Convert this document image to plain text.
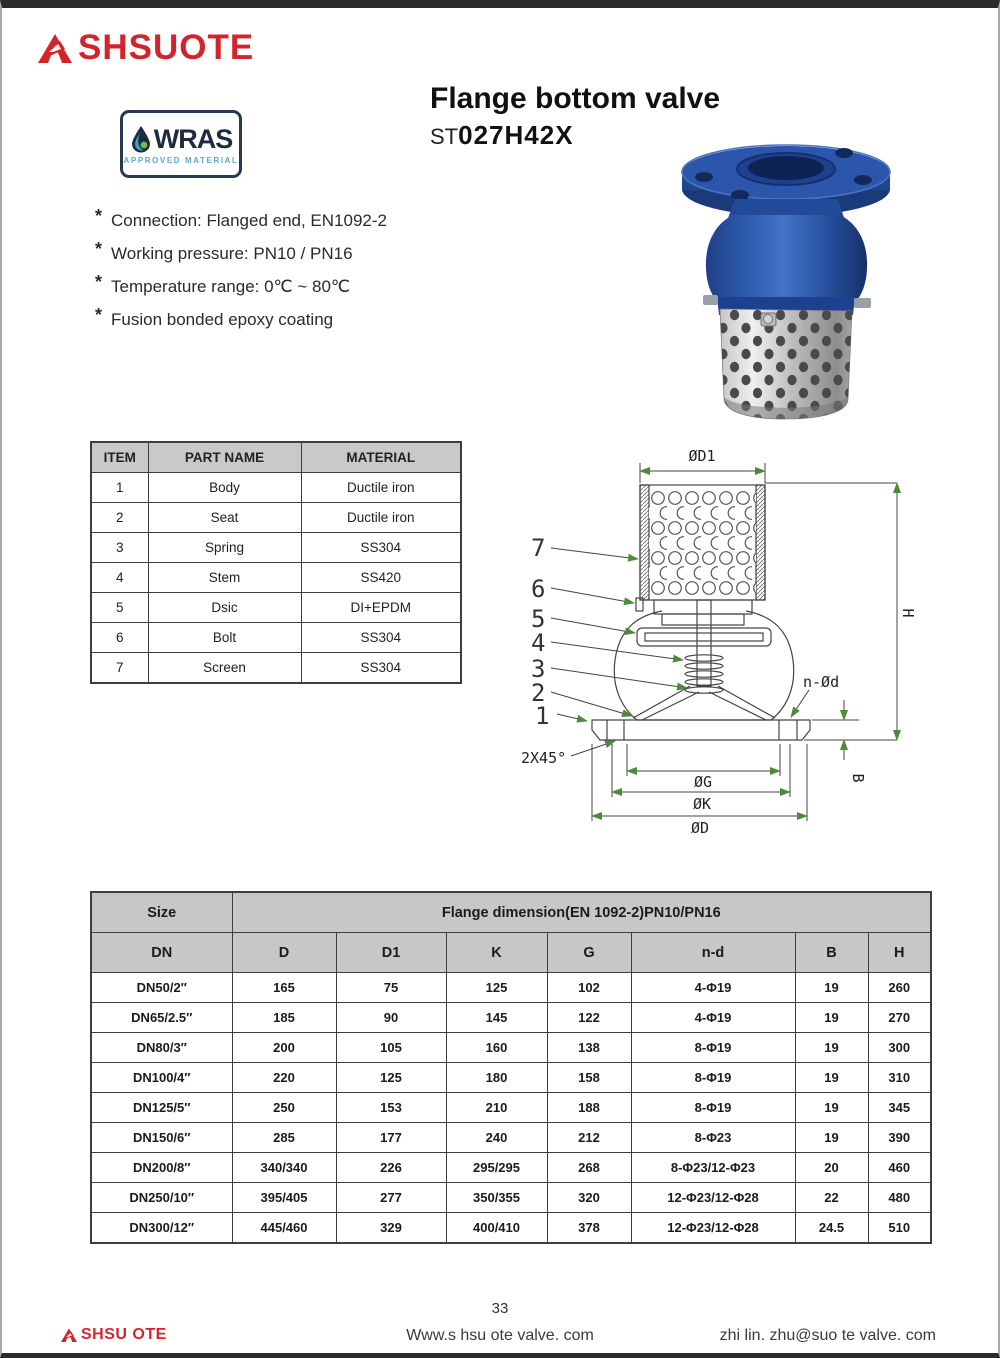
SHSUOTE
WRAS
APPROVED MATERIAL
Flange bottom valve
ST027H42X
* Connection: Flanged end, EN1092-2
* Working pressure: PN10 / PN16
* Temperature range: 0℃ ~ 80℃
* Fusion bonded epoxy coating
ITEM	PART NAME	MATERIAL
1	Body	Ductile iron
2	Seat	Ductile iron
3	Spring	SS304
4	Stem	SS420
5	Dsic	DI+EPDM
6	Bolt	SS304
7	Screen	SS304
ØD1
H
n-Ød
B
ØG
ØK
ØD
2X45°
7
6
5
4
3
2
1
Size	Flange dimension(EN 1092-2)PN10/PN16						
DN	D	D1	K	G	n-d	B	H
DN50/2″	165	75	125	102	4-Φ19	19	260
DN65/2.5″	185	90	145	122	4-Φ19	19	270
DN80/3″	200	105	160	138	8-Φ19	19	300
DN100/4″	220	125	180	158	8-Φ19	19	310
DN125/5″	250	153	210	188	8-Φ19	19	345
DN150/6″	285	177	240	212	8-Φ23	19	390
DN200/8″	340/340	226	295/295	268	8-Φ23/12-Φ23	20	460
DN250/10″	395/405	277	350/355	320	12-Φ23/12-Φ28	22	480
DN300/12″	445/460	329	400/410	378	12-Φ23/12-Φ28	24.5	510
33
SHSU OTE	Www.s hsu ote valve. com	zhi lin. zhu@suo te valve. com
